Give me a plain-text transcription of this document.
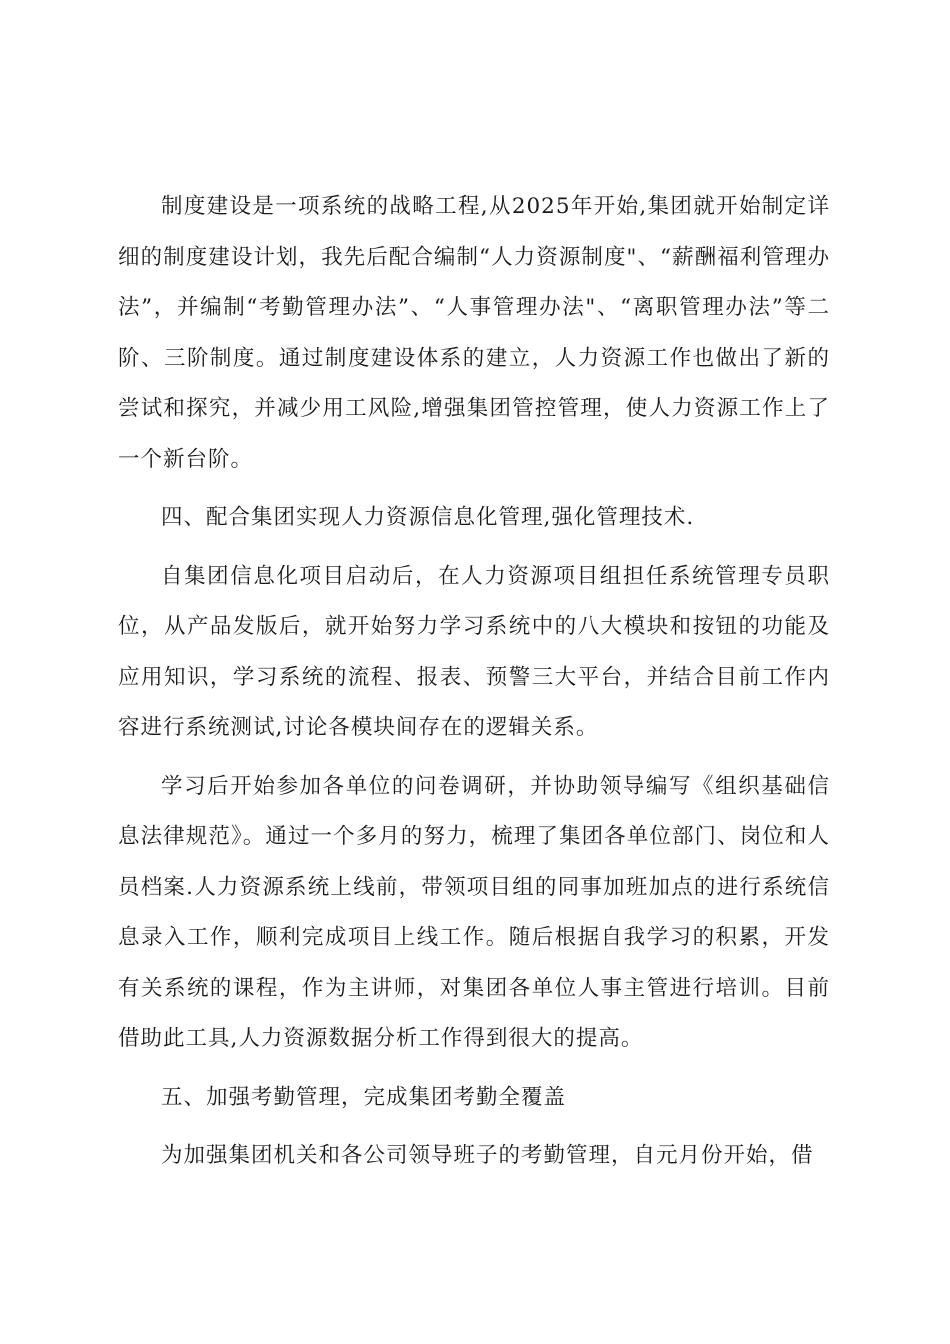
制度建设是一项系统的战略工程,从2025年开始,集团就开始制定详细的制度建设计划，我先后配合编制“人力资源制度"、“薪酬福利管理办法”，并编制“考勤管理办法”、“人事管理办法"、“离职管理办法”等二阶、三阶制度。通过制度建设体系的建立，人力资源工作也做出了新的尝试和探究，并减少用工风险,增强集团管控管理，使人力资源工作上了一个新台阶。

四、配合集团实现人力资源信息化管理,强化管理技术.

自集团信息化项目启动后，在人力资源项目组担任系统管理专员职位，从产品发版后，就开始努力学习系统中的八大模块和按钮的功能及应用知识，学习系统的流程、报表、预警三大平台，并结合目前工作内容进行系统测试,讨论各模块间存在的逻辑关系。

学习后开始参加各单位的问卷调研，并协助领导编写《组织基础信息法律规范》。通过一个多月的努力，梳理了集团各单位部门、岗位和人员档案.人力资源系统上线前，带领项目组的同事加班加点的进行系统信息录入工作，顺利完成项目上线工作。随后根据自我学习的积累，开发有关系统的课程，作为主讲师，对集团各单位人事主管进行培训。目前借助此工具,人力资源数据分析工作得到很大的提高。

五、加强考勤管理，完成集团考勤全覆盖

为加强集团机关和各公司领导班子的考勤管理，自元月份开始，借
